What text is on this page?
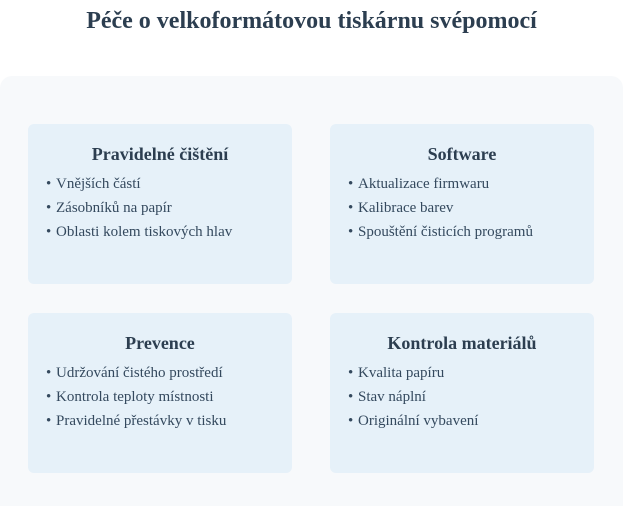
Péče o velkoformátovou tiskárnu svépomocí
Pravidelné čištění
• Vnějších částí
• Zásobníků na papír
• Oblasti kolem tiskových hlav
Software
• Aktualizace firmwaru
• Kalibrace barev
• Spouštění čisticích programů
Prevence
• Udržování čistého prostředí
• Kontrola teploty místnosti
• Pravidelné přestávky v tisku
Kontrola materiálů
• Kvalita papíru
• Stav náplní
• Originální vybavení
